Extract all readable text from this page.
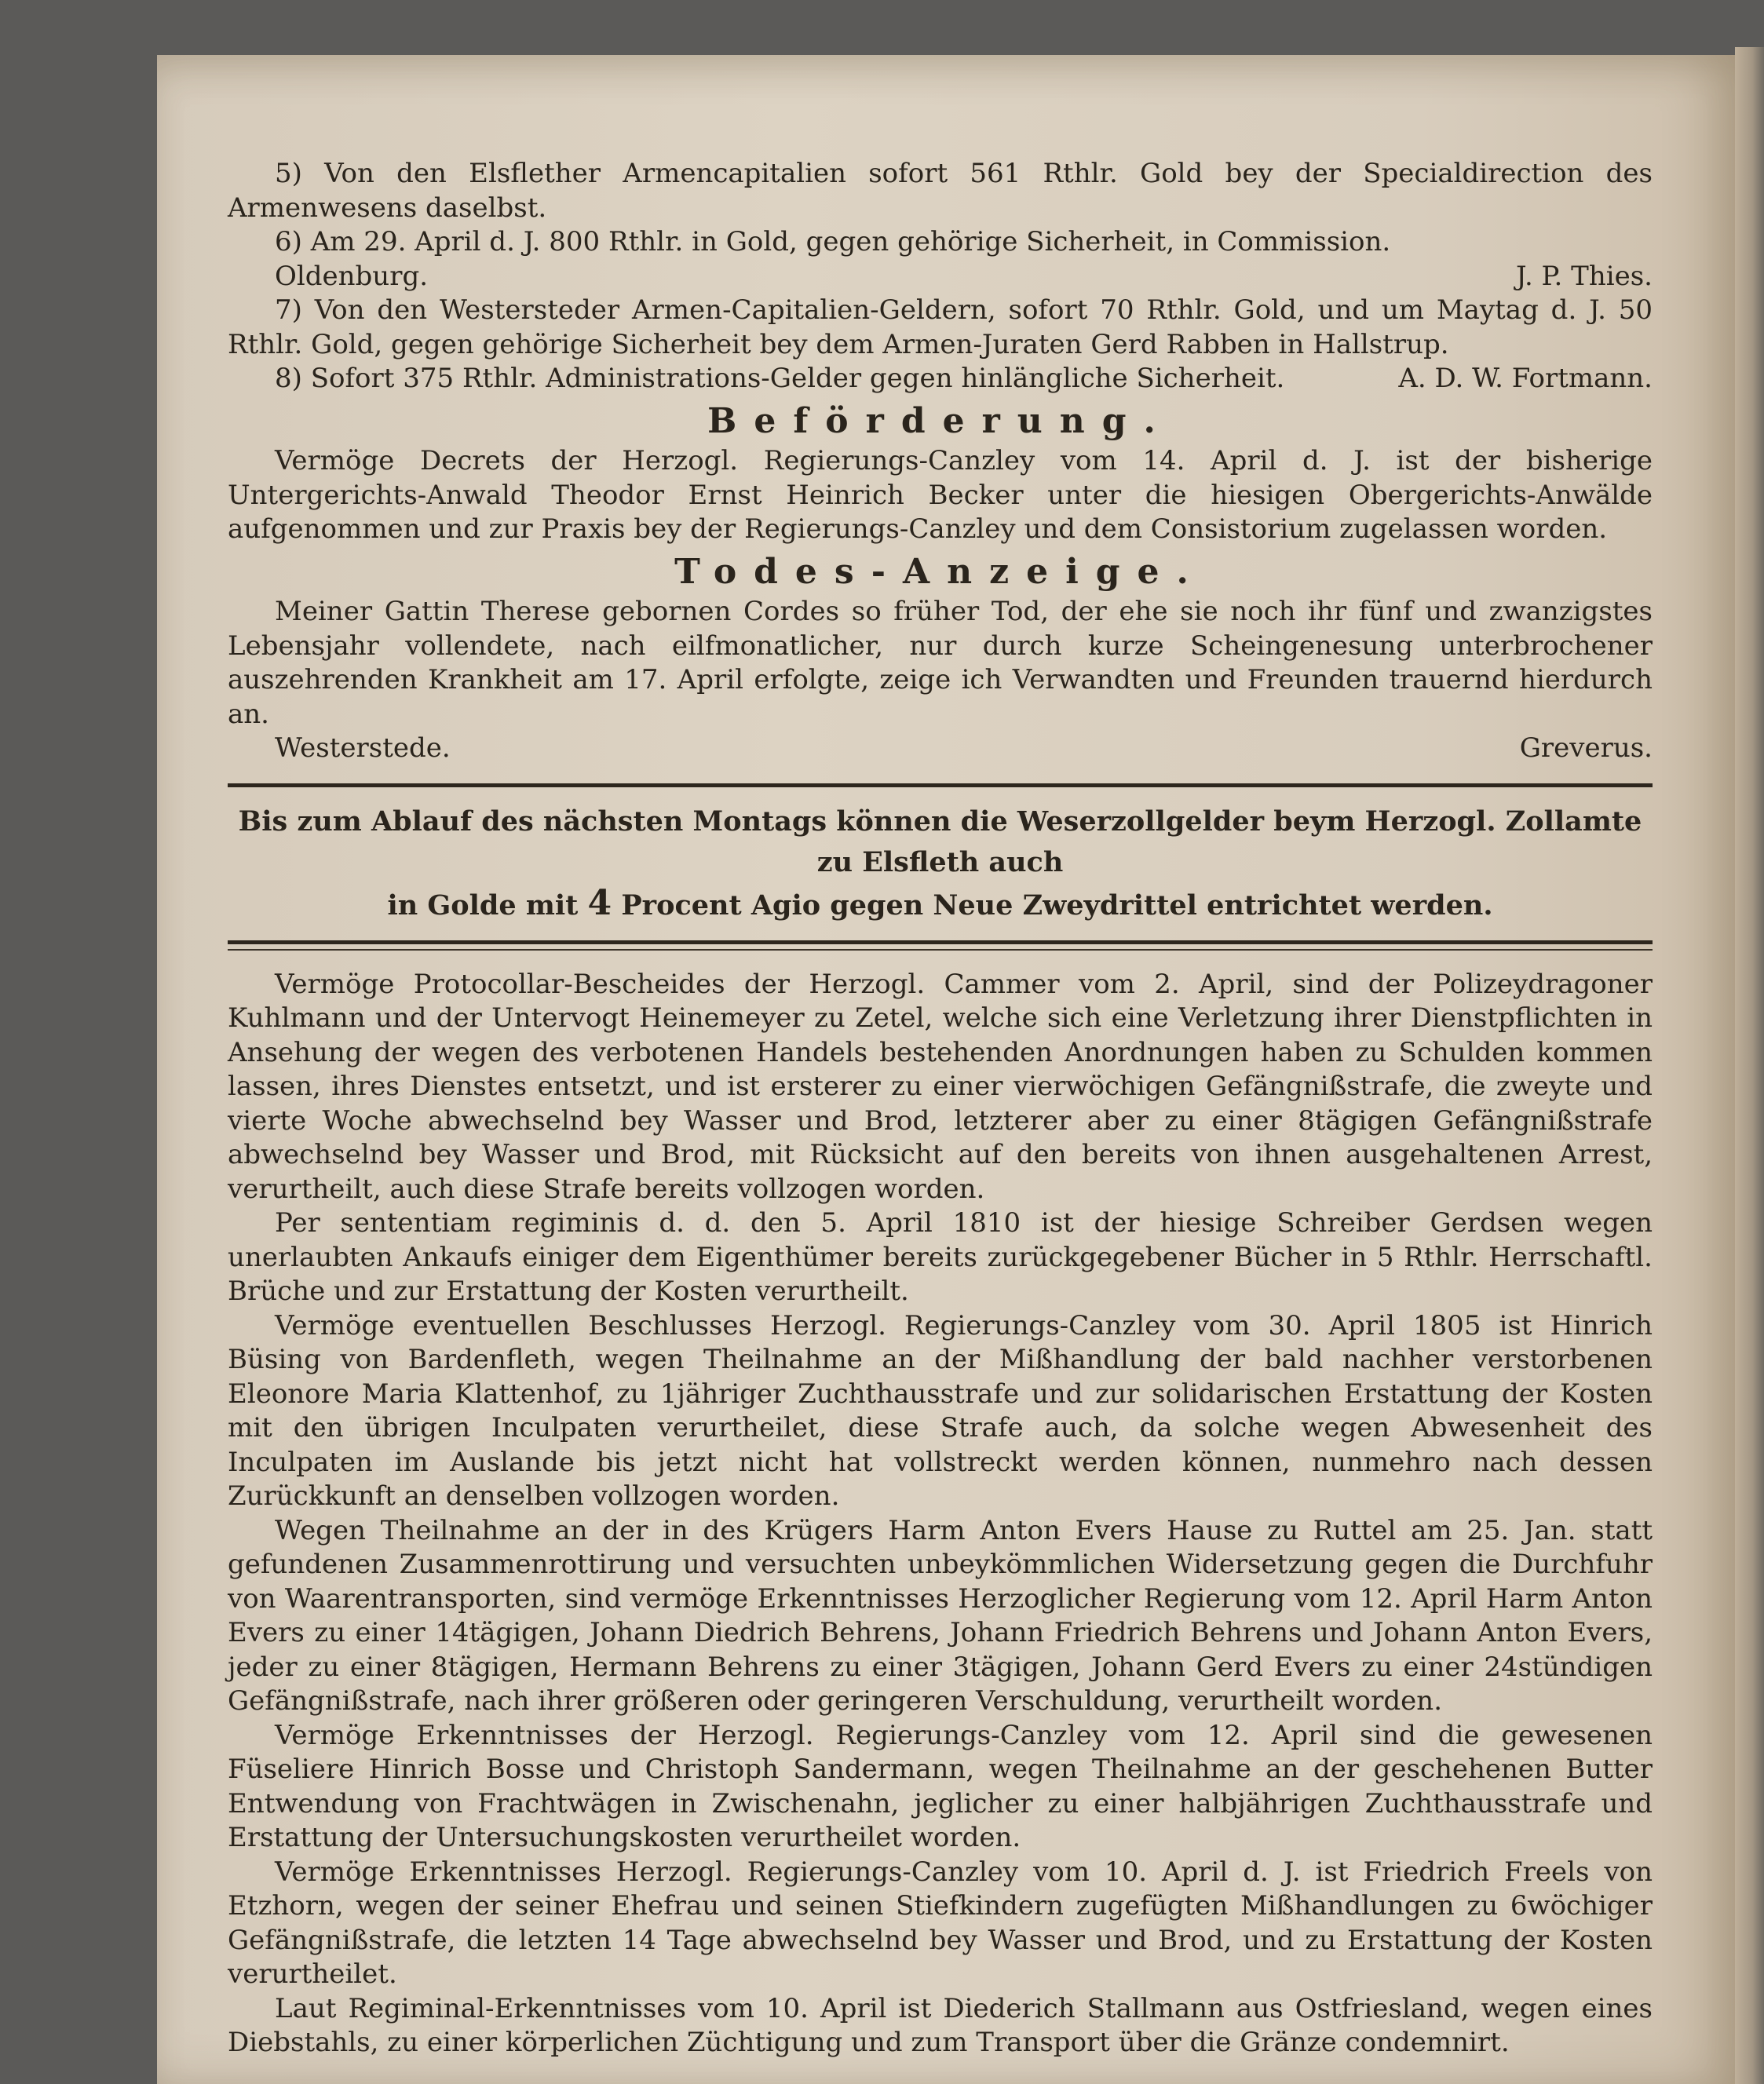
5) Von den Elsflether Armencapitalien sofort 561 Rthlr. Gold bey der Specialdirection des Armenwesens daselbst.

6) Am 29. April d. J. 800 Rthlr. in Gold, gegen gehörige Sicherheit, in Commission.

Oldenburg.	J. P. Thies.

7) Von den Westersteder Armen-Capitalien-Geldern, sofort 70 Rthlr. Gold, und um Maytag d. J. 50 Rthlr. Gold, gegen gehörige Sicherheit bey dem Armen-Juraten Gerd Rabben in Hallstrup.

8) Sofort 375 Rthlr. Administrations-Gelder gegen hinlängliche Sicherheit.	A. D. W. Fortmann.
Beförderung.

Vermöge Decrets der Herzogl. Regierungs-Canzley vom 14. April d. J. ist der bisherige Untergerichts-Anwald Theodor Ernst Heinrich Becker unter die hiesigen Obergerichts-Anwälde aufgenommen und zur Praxis bey der Regierungs-Canzley und dem Consistorium zugelassen worden.

Todes-Anzeige.

Meiner Gattin Therese gebornen Cordes so früher Tod, der ehe sie noch ihr fünf und zwanzigstes Lebensjahr vollendete, nach eilfmonatlicher, nur durch kurze Scheingenesung unterbrochener auszehrenden Krankheit am 17. April erfolgte, zeige ich Verwandten und Freunden trauernd hierdurch an.

Westerstede.	Greverus.
Bis zum Ablauf des nächsten Montags können die Weserzollgelder beym Herzogl. Zollamte zu Elsfleth auch
in Golde mit 4 Procent Agio gegen Neue Zweydrittel entrichtet werden.

Vermöge Protocollar-Bescheides der Herzogl. Cammer vom 2. April, sind der Polizeydragoner Kuhlmann und der Untervogt Heinemeyer zu Zetel, welche sich eine Verletzung ihrer Dienstpflichten in Ansehung der wegen des verbotenen Handels bestehenden Anordnungen haben zu Schulden kommen lassen, ihres Dienstes entsetzt, und ist ersterer zu einer vierwöchigen Gefängnißstrafe, die zweyte und vierte Woche abwechselnd bey Wasser und Brod, letzterer aber zu einer 8tägigen Gefängnißstrafe abwechselnd bey Wasser und Brod, mit Rücksicht auf den bereits von ihnen ausgehaltenen Arrest, verurtheilt, auch diese Strafe bereits vollzogen worden.

Per sententiam regiminis d. d. den 5. April 1810 ist der hiesige Schreiber Gerdsen wegen unerlaubten Ankaufs einiger dem Eigenthümer bereits zurückgegebener Bücher in 5 Rthlr. Herrschaftl. Brüche und zur Erstattung der Kosten verurtheilt.

Vermöge eventuellen Beschlusses Herzogl. Regierungs-Canzley vom 30. April 1805 ist Hinrich Büsing von Bardenfleth, wegen Theilnahme an der Mißhandlung der bald nachher verstorbenen Eleonore Maria Klattenhof, zu 1jähriger Zuchthausstrafe und zur solidarischen Erstattung der Kosten mit den übrigen Inculpaten verurtheilet, diese Strafe auch, da solche wegen Abwesenheit des Inculpaten im Auslande bis jetzt nicht hat vollstreckt werden können, nunmehro nach dessen Zurückkunft an denselben vollzogen worden.

Wegen Theilnahme an der in des Krügers Harm Anton Evers Hause zu Ruttel am 25. Jan. statt gefundenen Zusammenrottirung und versuchten unbeykömmlichen Widersetzung gegen die Durchfuhr von Waarentransporten, sind vermöge Erkenntnisses Herzoglicher Regierung vom 12. April Harm Anton Evers zu einer 14tägigen, Johann Diedrich Behrens, Johann Friedrich Behrens und Johann Anton Evers, jeder zu einer 8tägigen, Hermann Behrens zu einer 3tägigen, Johann Gerd Evers zu einer 24stündigen Gefängnißstrafe, nach ihrer größeren oder geringeren Verschuldung, verurtheilt worden.

Vermöge Erkenntnisses der Herzogl. Regierungs-Canzley vom 12. April sind die gewesenen Füseliere Hinrich Bosse und Christoph Sandermann, wegen Theilnahme an der geschehenen Butter Entwendung von Frachtwägen in Zwischenahn, jeglicher zu einer halbjährigen Zuchthausstrafe und Erstattung der Untersuchungskosten verurtheilet worden.

Vermöge Erkenntnisses Herzogl. Regierungs-Canzley vom 10. April d. J. ist Friedrich Freels von Etzhorn, wegen der seiner Ehefrau und seinen Stiefkindern zugefügten Mißhandlungen zu 6wöchiger Gefängnißstrafe, die letzten 14 Tage abwechselnd bey Wasser und Brod, und zu Erstattung der Kosten verurtheilet.

Laut Regiminal-Erkenntnisses vom 10. April ist Diederich Stallmann aus Ostfriesland, wegen eines Diebstahls, zu einer körperlichen Züchtigung und zum Transport über die Gränze condemnirt.
